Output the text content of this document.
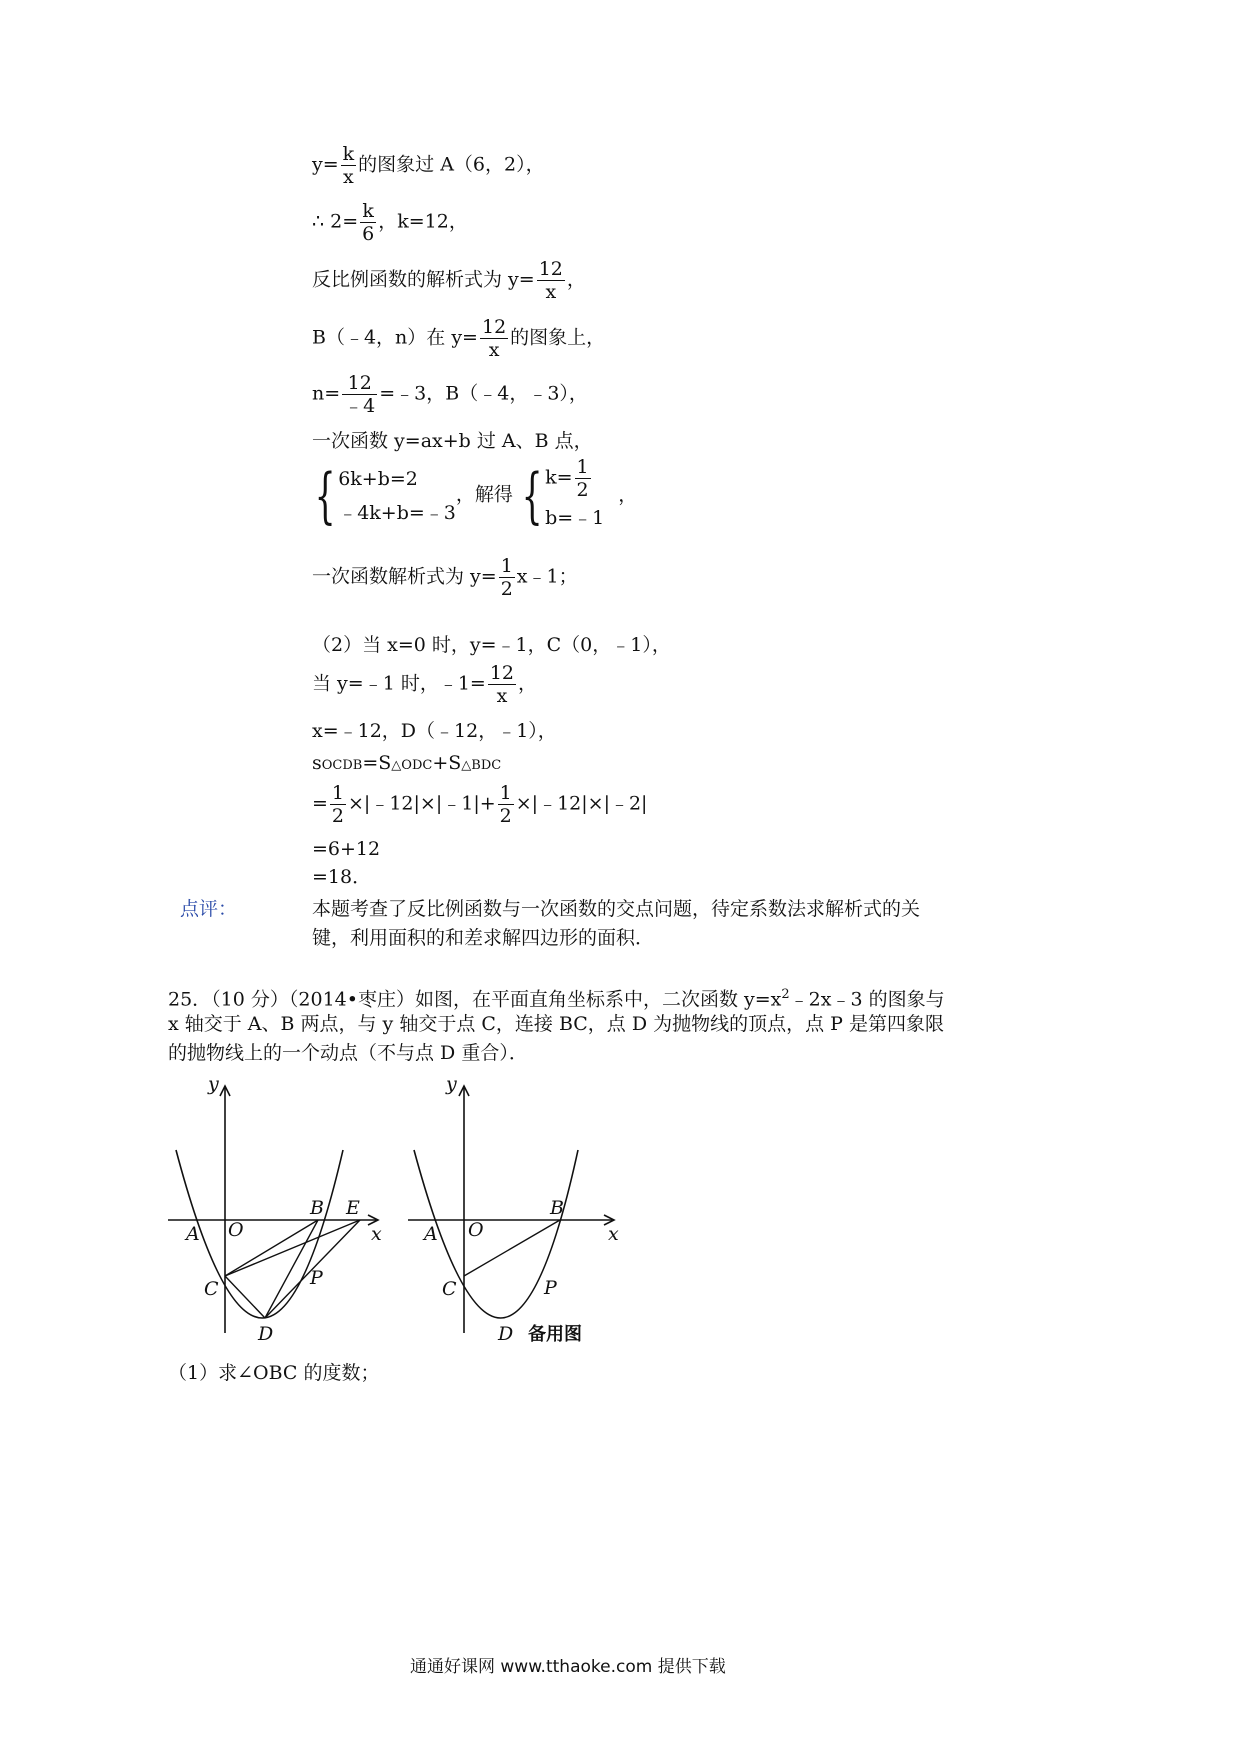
$y= \frac{k}{x}$ 的图象过 A（6，2），
∴ $2= \frac{k}{6}$ ，k=12，
反比例函数的解析式为 $y= \frac{12}{x}$ ，
B（﹣4，n）在 $y= \frac{12}{x}$ 的图象上，
$n= \frac{12}{﹣4}$ =﹣3，B（﹣4，﹣3），
一次函数 y=ax+b 过 A、B 点，
{ 6k+b=2
﹣4k+b=﹣3
，解得 { $k= \frac{1}{2}$
b=﹣1
，
一次函数解析式为 $y= \frac{1}{2}$ x﹣1；
（2）当 x=0 时，y=﹣1，C（0，﹣1），
当 y=﹣1 时，﹣1= $\frac{12}{x}$ ，
x=﹣12，D（﹣12，﹣1），
sOCDB=S△ODC+S△BDC
= $\frac{1}{2}$ ×|﹣12|×|﹣1|+ $\frac{1}{2}$ ×|﹣12|×|﹣2|
=6+12
=18．
点评：	本题考查了反比例函数与一次函数的交点问题，待定系数法求解析式的关
键，利用面积的和差求解四边形的面积．
25．（10 分）（2014•枣庄）如图，在平面直角坐标系中，二次函数 $y=x^2﹣2x﹣3$ 的图象与
x 轴交于 A、B 两点，与 y 轴交于点 C，连接 BC，点 D 为抛物线的顶点，点 P 是第四象限
的抛物线上的一个动点（不与点 D 重合）．
y
x
A O
B E
C	P
D
y
x
A O
B
C	P
D 备用图
（1）求∠OBC 的度数；
通通好课网 www.tthaoke.com 提供下载
